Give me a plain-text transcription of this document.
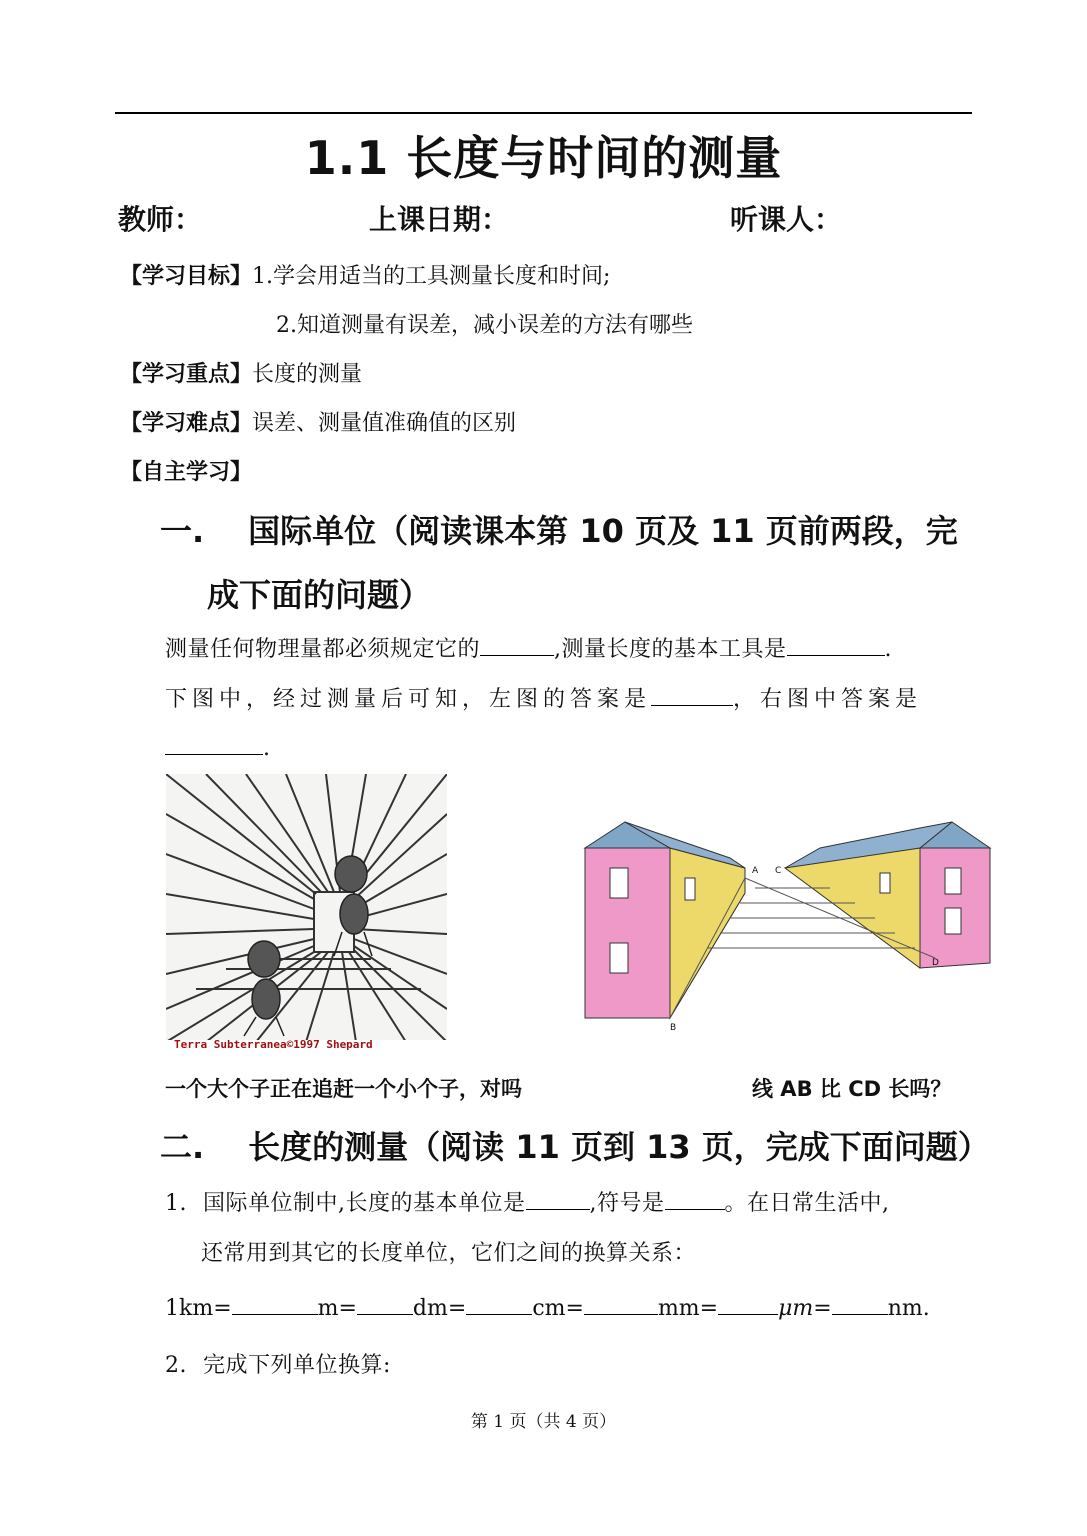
1.1 长度与时间的测量
教师：	上课日期：	听课人：
【学习目标】1.学会用适当的工具测量长度和时间;
2.知道测量有误差，减小误差的方法有哪些
【学习重点】长度的测量
【学习难点】误差、测量值准确值的区别
【自主学习】
一. 国际单位（阅读课本第 10 页及 11 页前两段，完
成下面的问题）
测量任何物理量都必须规定它的	,测量长度的基本工具是	.
下图中，经过测量后可知，左图的答案是	，右图中答案是
.
Terra Subterranea©1997 Shepard
A C
B
D
一个大个子正在追赶一个小个子，对吗	线 AB 比 CD 长吗？
二. 长度的测量（阅读 11 页到 13 页，完成下面问题）
1. 国际单位制中,长度的基本单位是	,符号是	。在日常生活中,
还常用到其它的长度单位，它们之间的换算关系：
1km=	m=	dm=	cm=	mm=	μm=	nm.
2. 完成下列单位换算:
第 1 页（共 4 页）
